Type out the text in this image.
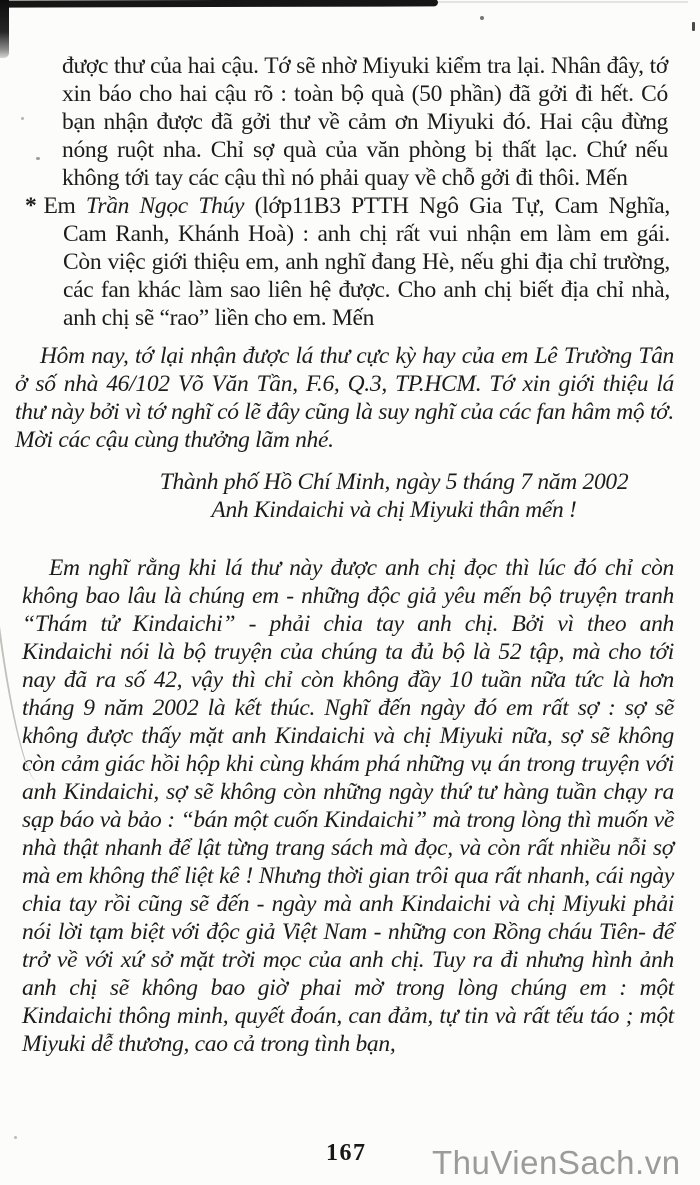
được thư của hai cậu. Tớ sẽ nhờ Miyuki kiểm tra lại. Nhân đây, tớ xin báo cho hai cậu rõ : toàn bộ quà (50 phần) đã gởi đi hết. Có bạn nhận được đã gởi thư về cảm ơn Miyuki đó. Hai cậu đừng nóng ruột nha. Chỉ sợ quà của văn phòng bị thất lạc. Chứ nếu không tới tay các cậu thì nó phải quay về chỗ gởi đi thôi. Mến

* Em Trần Ngọc Thúy (lớp11B3 PTTH Ngô Gia Tự, Cam Nghĩa, Cam Ranh, Khánh Hoà) : anh chị rất vui nhận em làm em gái. Còn việc giới thiệu em, anh nghĩ đang Hè, nếu ghi địa chỉ trường, các fan khác làm sao liên hệ được. Cho anh chị biết địa chỉ nhà, anh chị sẽ “rao” liền cho em. Mến

Hôm nay, tớ lại nhận được lá thư cực kỳ hay của em Lê Trường Tân ở số nhà 46/102 Võ Văn Tần, F.6, Q.3, TP.HCM. Tớ xin giới thiệu lá thư này bởi vì tớ nghĩ có lẽ đây cũng là suy nghĩ của các fan hâm mộ tớ. Mời các cậu cùng thưởng lãm nhé.

Thành phố Hồ Chí Minh, ngày 5 tháng 7 năm 2002
Anh Kindaichi và chị Miyuki thân mến !

Em nghĩ rằng khi lá thư này được anh chị đọc thì lúc đó chỉ còn không bao lâu là chúng em - những độc giả yêu mến bộ truyện tranh “Thám tử Kindaichi” - phải chia tay anh chị. Bởi vì theo anh Kindaichi nói là bộ truyện của chúng ta đủ bộ là 52 tập, mà cho tới nay đã ra số 42, vậy thì chỉ còn không đầy 10 tuần nữa tức là hơn tháng 9 năm 2002 là kết thúc. Nghĩ đến ngày đó em rất sợ : sợ sẽ không được thấy mặt anh Kindaichi và chị Miyuki nữa, sợ sẽ không còn cảm giác hồi hộp khi cùng khám phá những vụ án trong truyện với anh Kindaichi, sợ sẽ không còn những ngày thứ tư hàng tuần chạy ra sạp báo và bảo : “bán một cuốn Kindaichi” mà trong lòng thì muốn về nhà thật nhanh để lật từng trang sách mà đọc, và còn rất nhiều nỗi sợ mà em không thể liệt kê ! Nhưng thời gian trôi qua rất nhanh, cái ngày chia tay rồi cũng sẽ đến - ngày mà anh Kindaichi và chị Miyuki phải nói lời tạm biệt với độc giả Việt Nam - những con Rồng cháu Tiên- để trở về với xứ sở mặt trời mọc của anh chị. Tuy ra đi nhưng hình ảnh anh chị sẽ không bao giờ phai mờ trong lòng chúng em : một Kindaichi thông minh, quyết đoán, can đảm, tự tin và rất tếu táo ; một Miyuki dễ thương, cao cả trong tình bạn,

167 ThuVienSach.vn
